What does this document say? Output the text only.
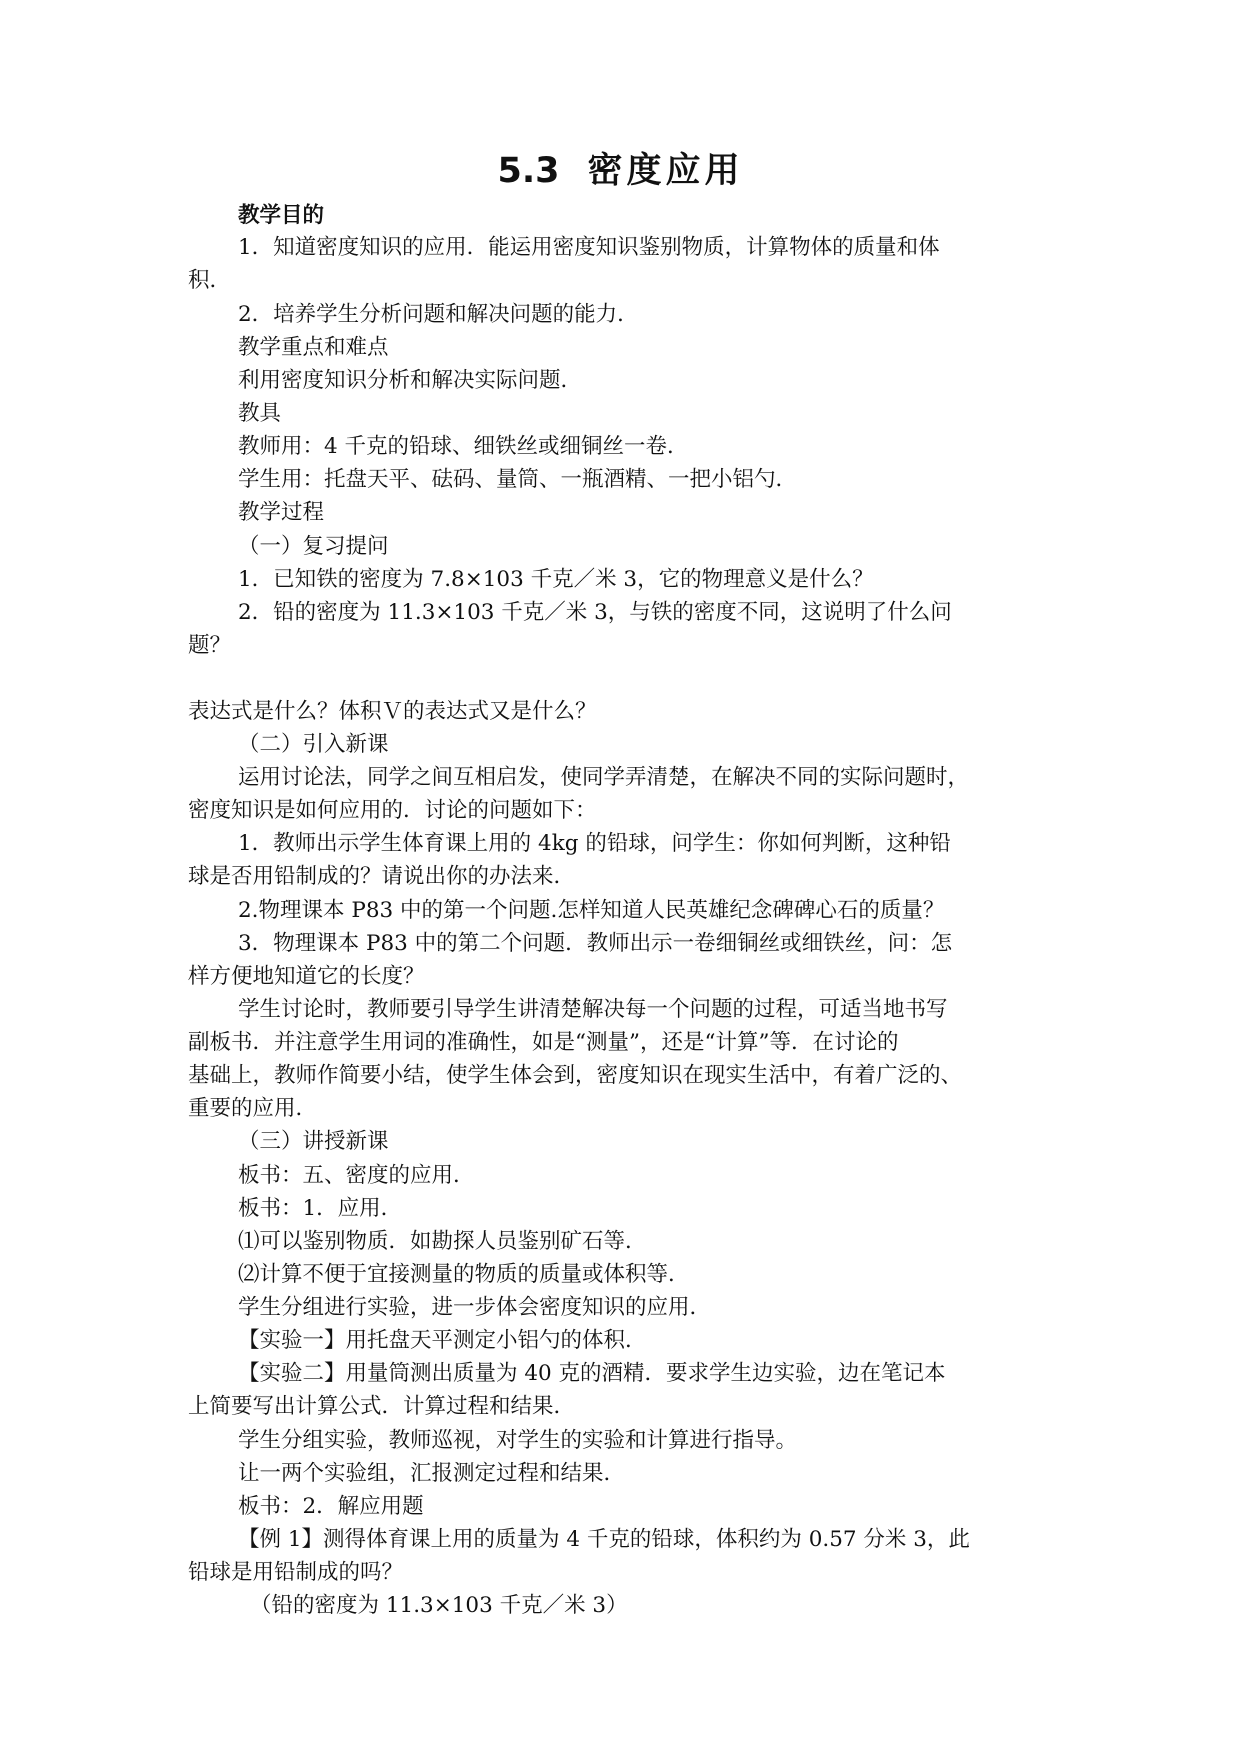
5.3 密度应用
教学目的
1．知道密度知识的应用．能运用密度知识鉴别物质，计算物体的质量和体
积．
2．培养学生分析问题和解决问题的能力．
教学重点和难点
利用密度知识分析和解决实际问题．
教具
教师用：4 千克的铅球、细铁丝或细铜丝一卷．
学生用：托盘天平、砝码、量筒、一瓶酒精、一把小铝勺．
教学过程
（一）复习提问
1．已知铁的密度为 7.8×103 千克／米 3，它的物理意义是什么？
2．铅的密度为 11.3×103 千克／米 3，与铁的密度不同，这说明了什么问
题？
表达式是什么？体积Ｖ的表达式又是什么？
（二）引入新课
运用讨论法，同学之间互相启发，使同学弄清楚，在解决不同的实际问题时，
密度知识是如何应用的．讨论的问题如下：
1．教师出示学生体育课上用的 4kg 的铅球，问学生：你如何判断，这种铅
球是否用铅制成的？请说出你的办法来．
2.物理课本 P83 中的第一个问题.怎样知道人民英雄纪念碑碑心石的质量？
3．物理课本 P83 中的第二个问题．教师出示一卷细铜丝或细铁丝，问：怎
样方便地知道它的长度？
学生讨论时，教师要引导学生讲清楚解决每一个问题的过程，可适当地书写
副板书．并注意学生用词的准确性，如是“测量”，还是“计算”等．在讨论的
基础上，教师作简要小结，使学生体会到，密度知识在现实生活中，有着广泛的、
重要的应用．
（三）讲授新课
板书：五、密度的应用．
板书：1．应用．
⑴可以鉴别物质．如勘探人员鉴别矿石等．
⑵计算不便于宜接测量的物质的质量或体积等．
学生分组进行实验，进一步体会密度知识的应用．
【实验一】用托盘天平测定小铝勺的体积．
【实验二】用量筒测出质量为 40 克的酒精．要求学生边实验，边在笔记本
上简要写出计算公式．计算过程和结果．
学生分组实验，教师巡视，对学生的实验和计算进行指导。
让一两个实验组，汇报测定过程和结果．
板书：2．解应用题
【例 1】测得体育课上用的质量为 4 千克的铅球，体积约为 0.57 分米 3，此
铅球是用铅制成的吗？
（铅的密度为 11.3×103 千克／米 3）
